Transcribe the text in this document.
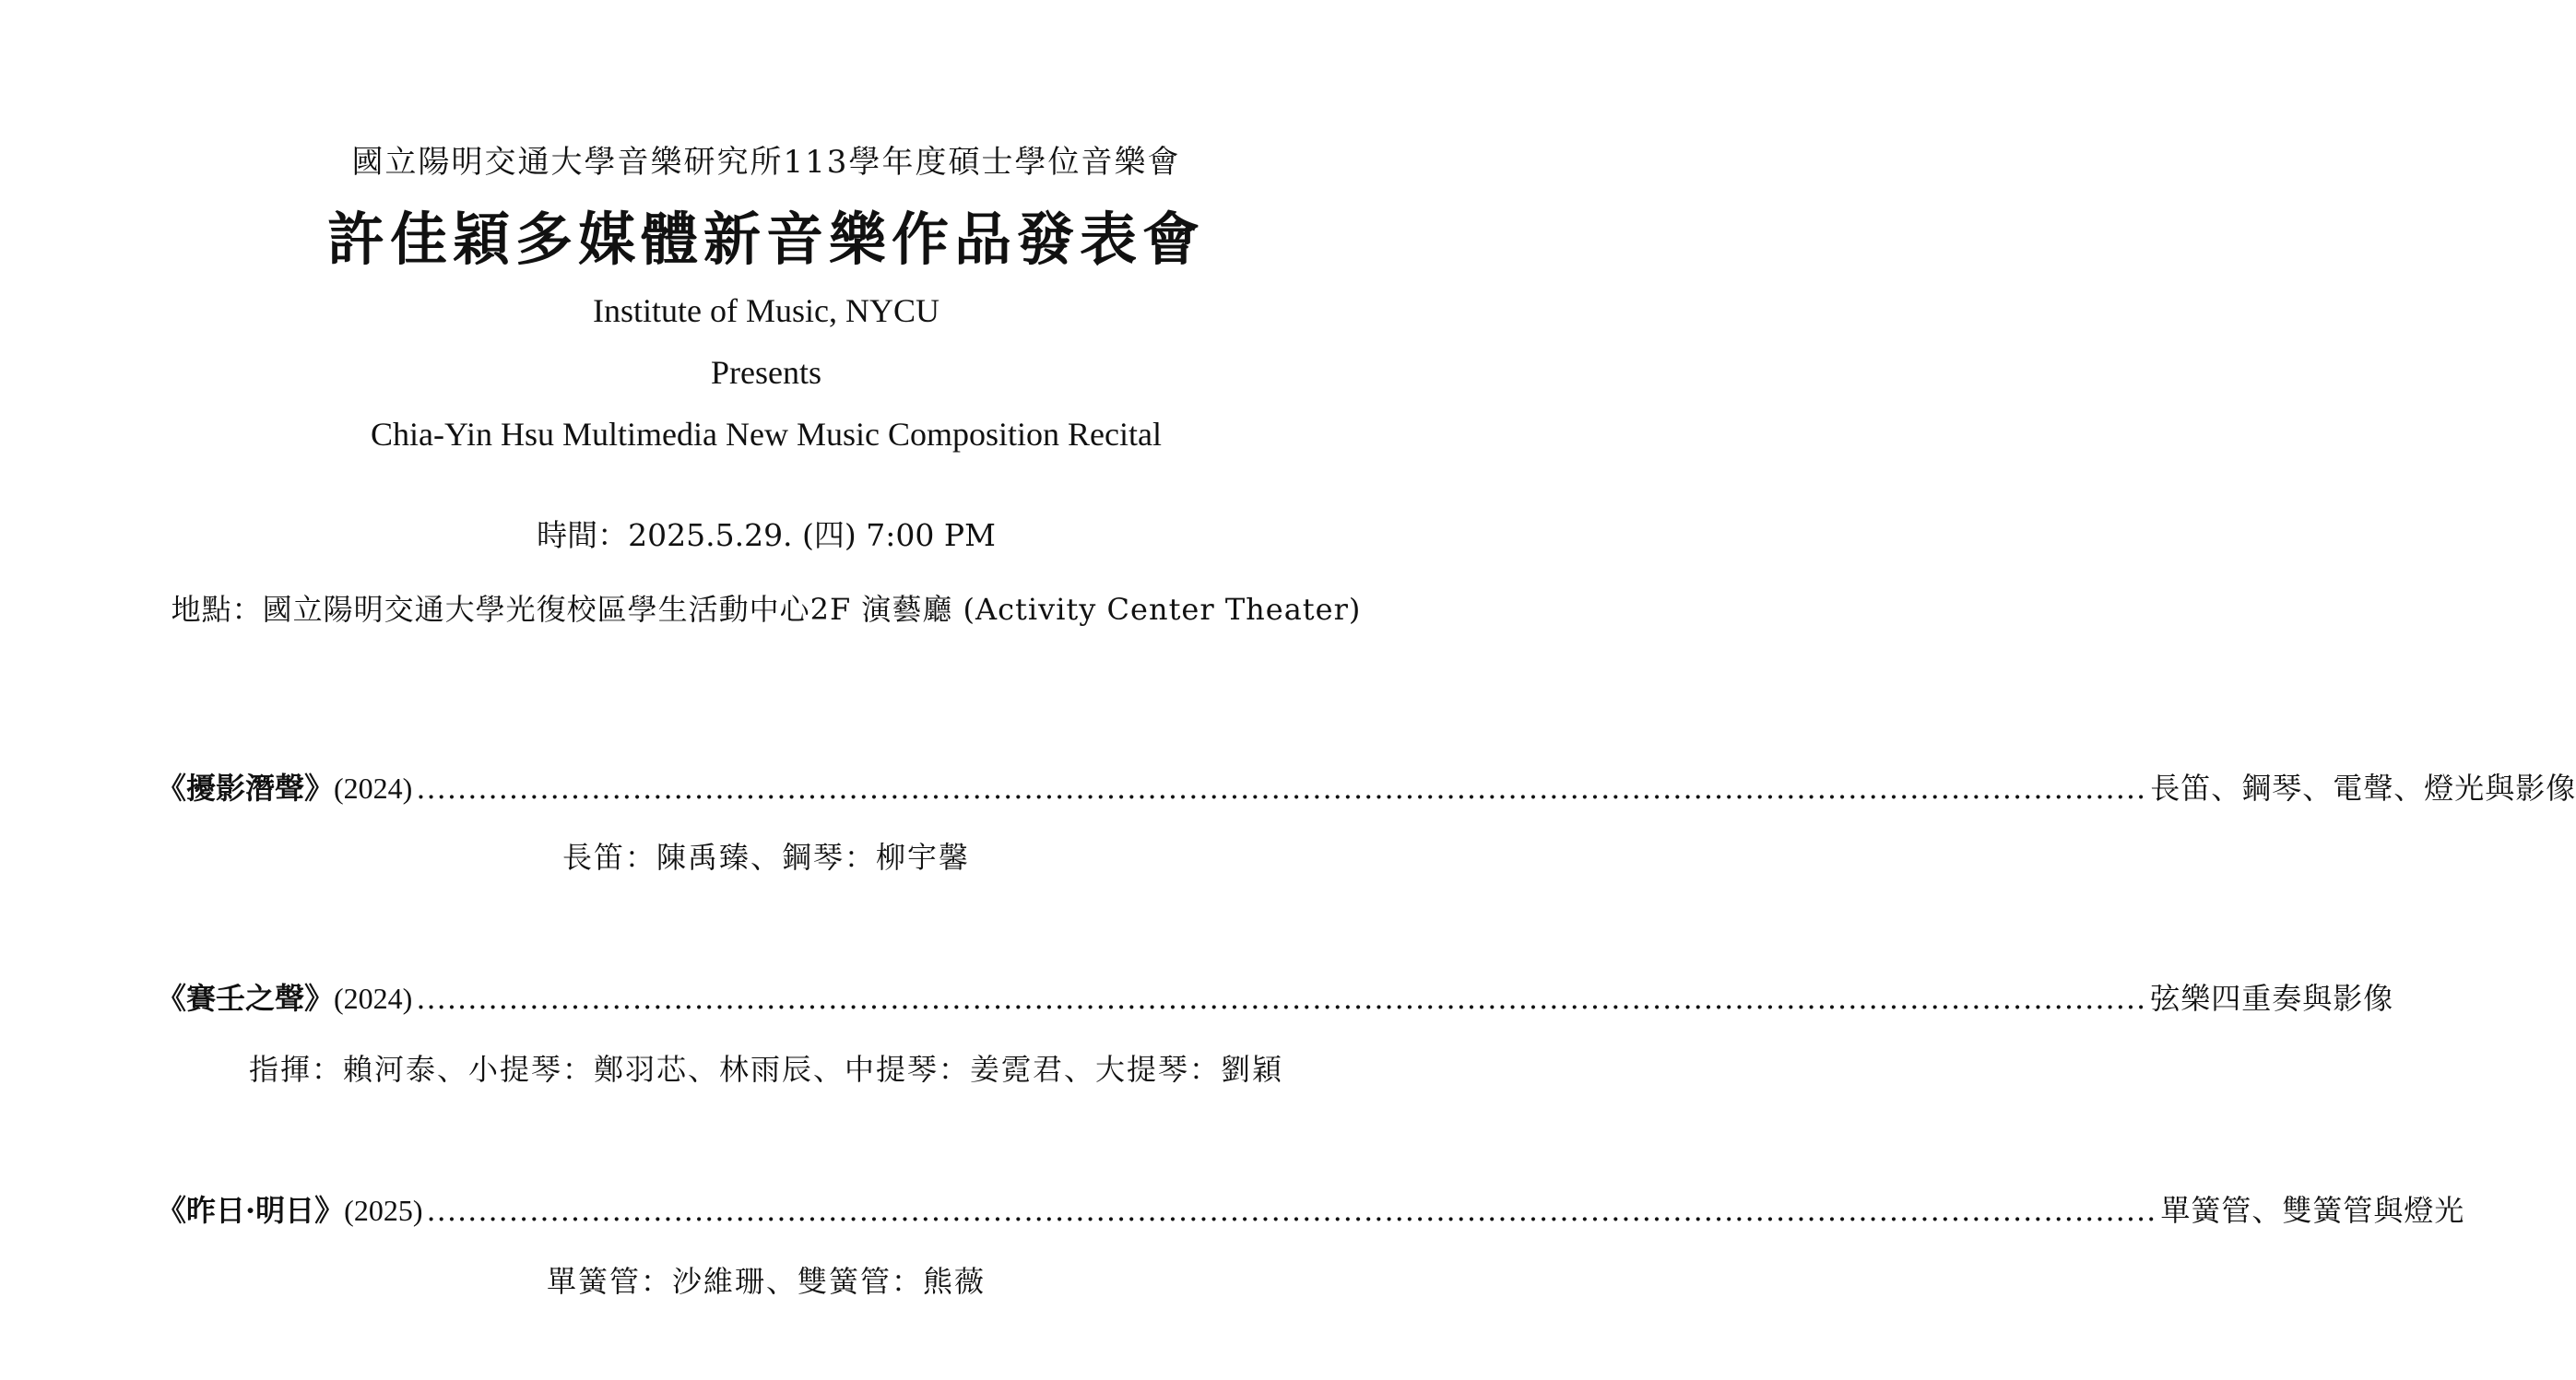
國立陽明交通大學音樂研究所113學年度碩士學位音樂會
許佳穎多媒體新音樂作品發表會
Institute of Music, NYCU
Presents
Chia-Yin Hsu Multimedia New Music Composition Recital
時間：2025.5.29. (四) 7:00 PM
地點：國立陽明交通大學光復校區學生活動中心2F 演藝廳 (Activity Center Theater)
《擾影潛聲》 (2024) ........................................................................................................................................................................ 長笛、鋼琴、電聲、燈光與影像
長笛：陳禹臻、鋼琴：柳宇馨
《賽壬之聲》 (2024) ........................................................................................................................................................................ 弦樂四重奏與影像
指揮：賴河泰、小提琴：鄭羽芯、林雨辰、中提琴：姜霓君、大提琴：劉穎
《昨日·明日》 (2025) ........................................................................................................................................................................ 單簧管、雙簧管與燈光
單簧管：沙維珊、雙簧管：熊薇
